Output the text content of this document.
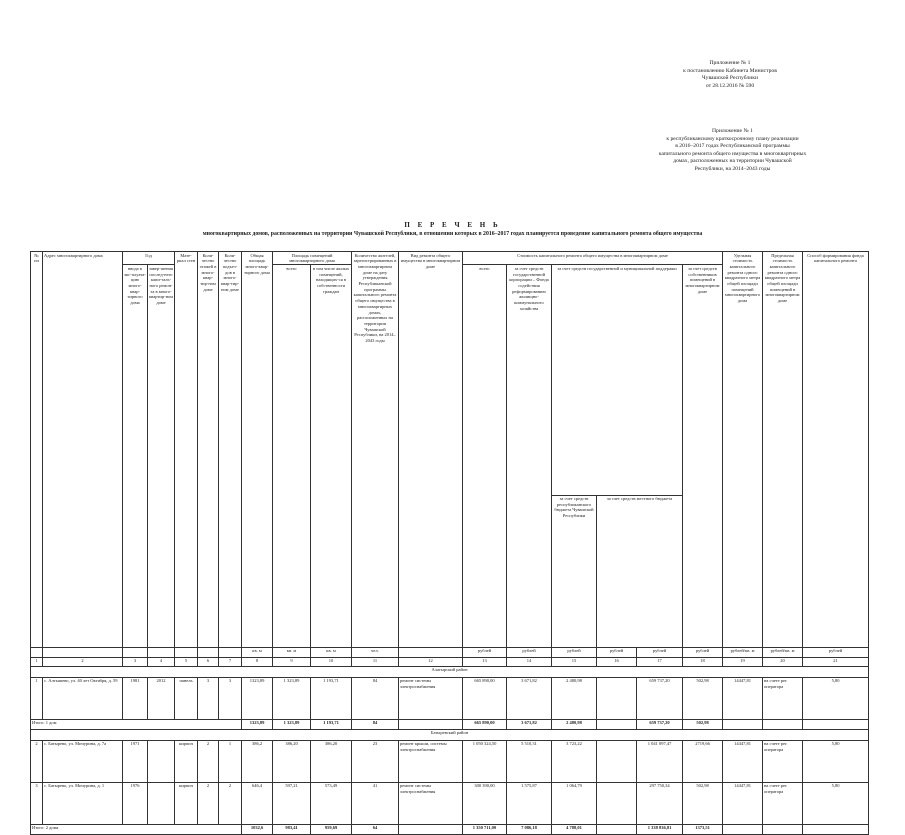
Приложение № 1
к постановлению Кабинета Министров
Чувашской Республики
от 28.12.2016 № 590
Приложение № 1
к республиканскому краткосрочному плану реализации
в 2016–2017 годах Республиканской программы
капитального ремонта общего имущества в многоквартирных
домах, расположенных на территории Чувашской
Республики, на 2014–2043 годы
П Е Р Е Ч Е Н Ь
многоквартирных домов, расположенных на территории Чувашской Республики, в отношении которых в 2016–2017 годах планируется проведение капитального ремонта общего имущества
№ пп	Адрес многоквартирного дома	Год		Мате-риал стен	Коли-чество этажей в много-квар-тир-ном доме	Коли-чество подъез-дов в много-квар-тир-ном доме	Общая площадь много-квар-тирного дома	Площадь помещений многоквартирного дома		Количество жителей, зарегистрированных в многоквартирном доме на дату утверждения Республиканской программы капитального ремонта общего имущества в многоквартирных домах, расположенных на территории Чувашской Республики, на 2014–2043 годы	Вид ремонта общего имущества в многоквартирном доме	Стоимость капитального ремонта общего имущества в многоквартирном доме						Удельная стоимость капитального ремонта одного квадратного метра общей площади помещений многоквартирного дома	Предельная стоимость капитального ремонта одного квадратного метра общей площади помещений в многоквартирном доме	Способ формирования фонда капитального ремонта	
		ввода в экс-плуата-цию много-квар-тирного дома	завер-шения послед-него капи-таль-ного ремон-та в много-квартир-ном доме					всего	в том числе жилых помещений, находящих-ся в собственности граждан			всего	за счет средств государственной корпорации – Фонда содействия реформированию жилищно-коммунального хозяйства	за счет средств государственной и муниципальной поддержки			за счет средств собственников помещений в многоквартирном доме				
														за счет средств республиканского бюджета Чувашской Республики	за счет средств местного бюджета						
							кв. м	кв. м	кв. м	чел.		рублей	рублей	рублей	рублей	рублей	рублей	рублей/кв. м	рублей/кв. м	рублей	
1	2	3	4	5	6	7	8	9	10	11	12	13	14	15	16	17	18	19	20	21	
Алатырский район																					
1	с. Алтышево, ул. 40 лет Октября, д. 59	1981	2012	панель	3	3	1323,89	1 323,89	1 193,71	84	ремонт системы электроснабжения	665 890,00	3 671,82	2 480,98		659 737,20	502,98	14447,81	на счете рег. оператора	5,80	
Итого: 1 дом							1323,89	1 323,89	1 193,71	84		665 890,00	3 671,82	2 480,98		659 737,20	502,98				
Батыревский район																					
2	с. Батырево, ул. Мичурина, д. 7а	1971		кирпич	2	1	386,2	386,20	386,20	23	ремонт крыши, системы электроснабжения	1 050 324,50	5 510,31	3 723,22		1 041 097,47	2719,66	14447,81	на счете рег. оператора	5,80	
3	с. Батырево, ул. Мичурина, д. 1	1976		кирпич	2	2	646,4	597,21	573,49	41	ремонт системы электроснабжения	300 390,00	1 575,87	1 064,79		297 750,34	502,98	14447,81	на счете рег. оператора	5,80	
Итого: 2 дома							1032,6	983,41	959,69	64		1 350 711,00	7 086,18	4 788,01		1 338 836,81	1373,51				
